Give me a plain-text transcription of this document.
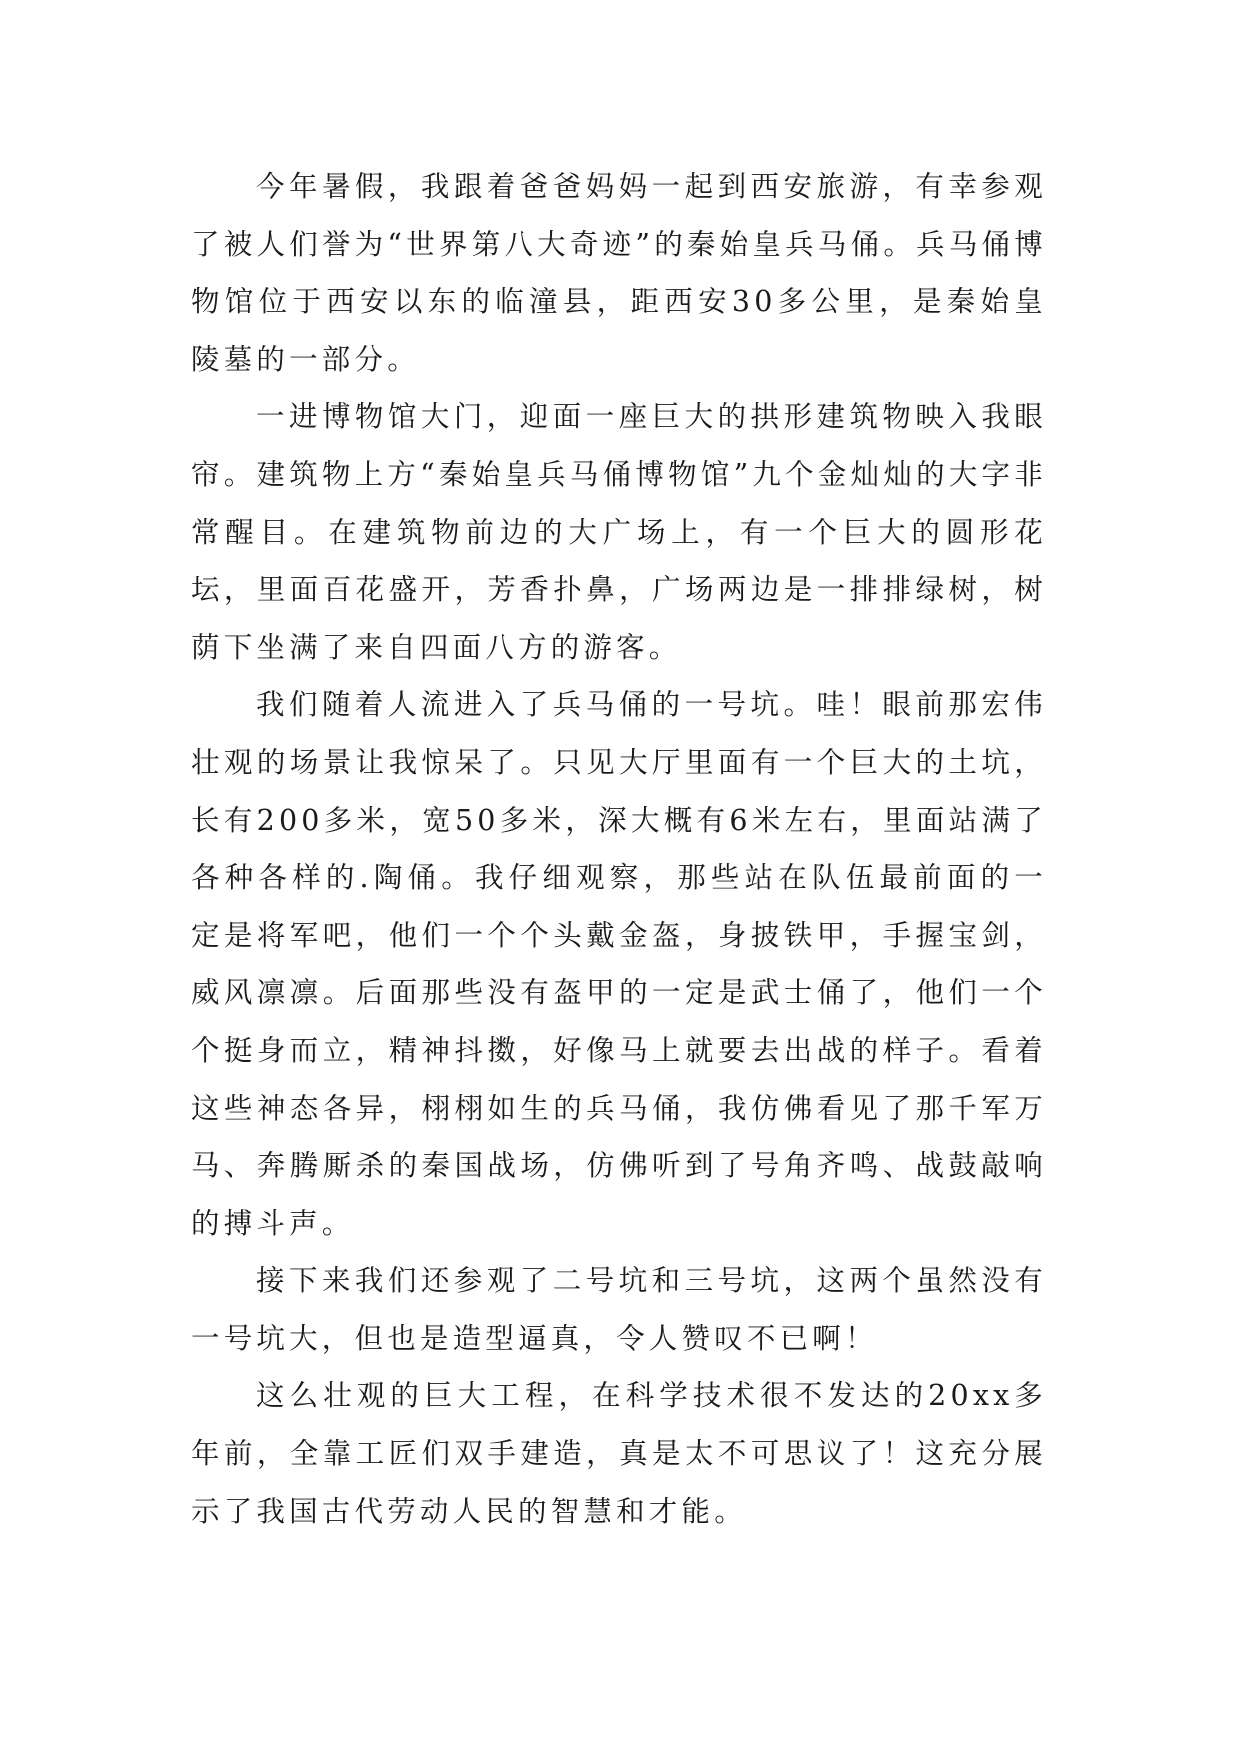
今年暑假，我跟着爸爸妈妈一起到西安旅游，有幸参观了被人们誉为“世界第八大奇迹”的秦始皇兵马俑。兵马俑博物馆位于西安以东的临潼县，距西安30多公里，是秦始皇陵墓的一部分。

一进博物馆大门，迎面一座巨大的拱形建筑物映入我眼帘。建筑物上方“秦始皇兵马俑博物馆”九个金灿灿的大字非常醒目。在建筑物前边的大广场上，有一个巨大的圆形花坛，里面百花盛开，芳香扑鼻，广场两边是一排排绿树，树荫下坐满了来自四面八方的游客。

我们随着人流进入了兵马俑的一号坑。哇！眼前那宏伟壮观的场景让我惊呆了。只见大厅里面有一个巨大的土坑，长有200多米，宽50多米，深大概有6米左右，里面站满了各种各样的.陶俑。我仔细观察，那些站在队伍最前面的一定是将军吧，他们一个个头戴金盔，身披铁甲，手握宝剑，威风凛凛。后面那些没有盔甲的一定是武士俑了，他们一个个挺身而立，精神抖擞，好像马上就要去出战的样子。看着这些神态各异，栩栩如生的兵马俑，我仿佛看见了那千军万马、奔腾厮杀的秦国战场，仿佛听到了号角齐鸣、战鼓敲响的搏斗声。

接下来我们还参观了二号坑和三号坑，这两个虽然没有一号坑大，但也是造型逼真，令人赞叹不已啊！

这么壮观的巨大工程，在科学技术很不发达的20xx多年前，全靠工匠们双手建造，真是太不可思议了！这充分展示了我国古代劳动人民的智慧和才能。
